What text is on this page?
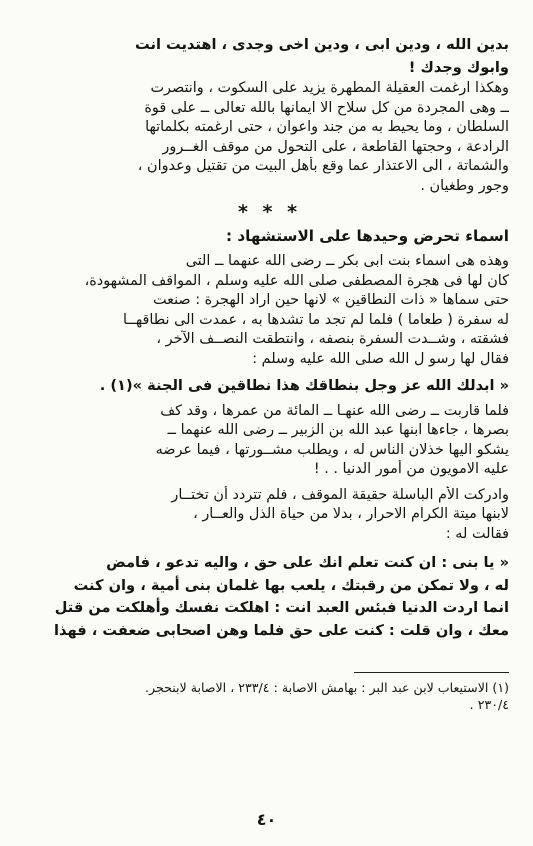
بدين الله ، ودين ابى ، ودين اخى وجدى ، اهتديت انت
وابوك وجدك !
وهكذا ارغمت العقيلة المطهرة يزيد على السكوت ، وانتصرت
ــ وهى المجردة من كل سلاح الا ايمانها بالله تعالى ــ على قوة
السلطان ، وما يحيط به من جند واعوان ، حتى ارغمته بكلماتها
الرادعة ، وحجتها القاطعة ، على التحول من موقف الغــرور
والشماتة ، الى الاعتذار عما وقع بأهل البيت من تقتيل وعدوان ،
وجور وطغيان .
* * *
اسماء تحرض وحيدها على الاستشهاد :
وهذه هى اسماء بنت ابى بكر ــ رضى الله عنهما ــ التى
كان لها فى هجرة المصطفى صلى الله عليه وسلم ، المواقف المشهودة،
حتى سماها « ذات النطاقين » لانها حين اراد الهجرة : صنعت
له سفرة ( طعاما ) فلما لم تجد ما تشدها به ، عمدت الى نطاقهــا
فشقته ، وشــدت السفرة بنصفه ، وانتطقت النصــف الآخر ،
فقال لها رسو ل الله صلى الله عليه وسلم :
« ابدلك الله عز وجل بنطاقك هذا نطاقين فى الجنة »(١) .
فلما قاربت ــ رضى الله عنهـا ــ المائة من عمرها ، وقد كف
بصرها ، جاءها ابنها عبد الله بن الزبير ــ رضى الله عنهما ــ
يشكو اليها خذلان الناس له ، ويطلب مشــورتها ، فيما عرضه
عليه الامويون من أمور الدنيا . . !
وادركت الأم الباسلة حقيقة الموقف ، فلم تتردد أن تختــار
لابنها ميتة الكرام الاحرار ، بدلا من حياة الذل والعــار ،
فقالت له :
« يا بنى : ان كنت تعلم انك على حق ، واليه تدعو ، فامض
له ، ولا تمكن من رقبتك ، يلعب بها غلمان بنى أمية ، وان كنت
انما اردت الدنيا فبئس العبد انت : اهلكت نفسك وأهلكت من قتل
معك ، وان قلت : كنت على حق فلما وهن اصحابى ضعفت ، فهذا
(١) الاستيعاب لابن عبد البر : بهامش الاصابة : ٢٣٣/٤ ، الاصابة لابنحجر.
٢٣٠/٤ .
٤٠
